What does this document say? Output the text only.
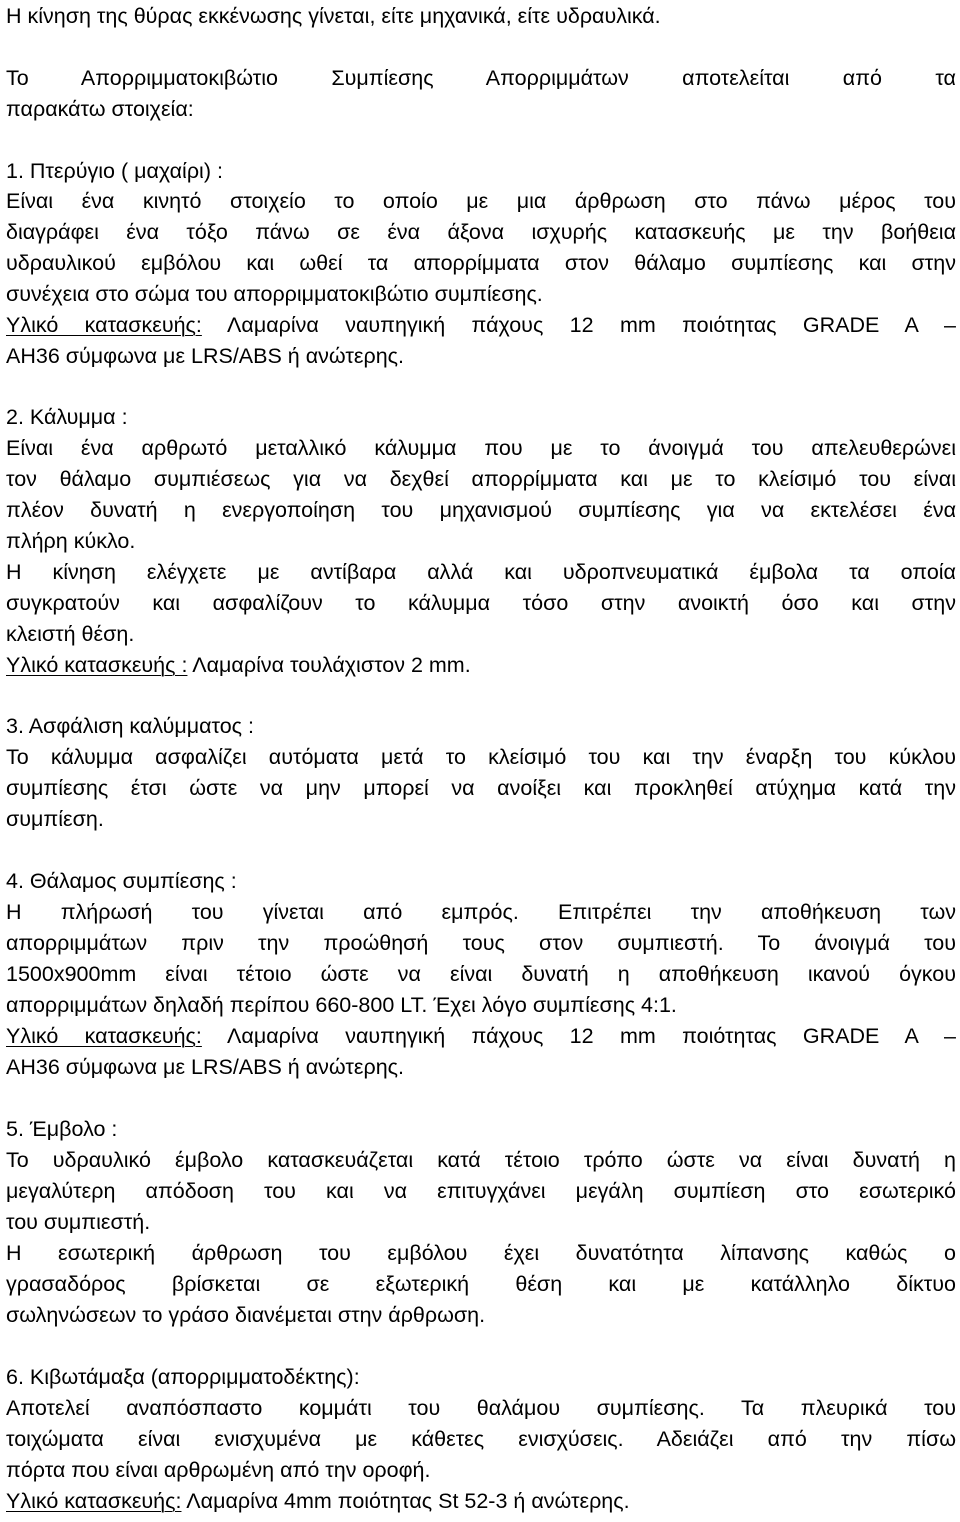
Η κίνηση της θύρας εκκένωσης γίνεται, είτε μηχανικά, είτε υδραυλικά.
Το Απορριμματοκιβώτιο Συμπίεσης Απορριμμάτων αποτελείται από τα
παρακάτω στοιχεία:
1. Πτερύγιο ( μαχαίρι) :
Είναι ένα κινητό στοιχείο το οποίο με μια άρθρωση στο πάνω μέρος του
διαγράφει ένα τόξο πάνω σε ένα άξονα ισχυρής κατασκευής με την βοήθεια
υδραυλικού εμβόλου και ωθεί τα απορρίμματα στον θάλαμο συμπίεσης και στην
συνέχεια στο σώμα του απορριμματοκιβώτιο συμπίεσης.
Υλικό κατασκευής: Λαμαρίνα ναυπηγική πάχους 12 mm ποιότητας GRADE A –
AH36 σύμφωνα με LRS/ABS ή ανώτερης.
2. Κάλυμμα :
Είναι ένα αρθρωτό μεταλλικό κάλυμμα που με το άνοιγμά του απελευθερώνει
τον θάλαμο συμπιέσεως για να δεχθεί απορρίμματα και με το κλείσιμό του είναι
πλέον δυνατή η ενεργοποίηση του μηχανισμού συμπίεσης για να εκτελέσει ένα
πλήρη κύκλο.
Η κίνηση ελέγχετε με αντίβαρα αλλά και υδροπνευματικά έμβολα τα οποία
συγκρατούν και ασφαλίζουν το κάλυμμα τόσο στην ανοικτή όσο και στην
κλειστή θέση.
Υλικό κατασκευής : Λαμαρίνα τουλάχιστον 2 mm.
3. Ασφάλιση καλύμματος :
Το κάλυμμα ασφαλίζει αυτόματα μετά το κλείσιμό του και την έναρξη του κύκλου
συμπίεσης έτσι ώστε να μην μπορεί να ανοίξει και προκληθεί ατύχημα κατά την
συμπίεση.
4. Θάλαμος συμπίεσης :
Η πλήρωσή του γίνεται από εμπρός. Επιτρέπει την αποθήκευση των
απορριμμάτων πριν την προώθησή τους στον συμπιεστή. Το άνοιγμά του
1500x900mm είναι τέτοιο ώστε να είναι δυνατή η αποθήκευση ικανού όγκου
απορριμμάτων δηλαδή περίπου 660-800 LT. Έχει λόγο συμπίεσης 4:1.
Υλικό κατασκευής: Λαμαρίνα ναυπηγική πάχους 12 mm ποιότητας GRADE A –
AH36 σύμφωνα με LRS/ABS ή ανώτερης.
5. Έμβολο :
Το υδραυλικό έμβολο κατασκευάζεται κατά τέτοιο τρόπο ώστε να είναι δυνατή η
μεγαλύτερη απόδοση του και να επιτυγχάνει μεγάλη συμπίεση στο εσωτερικό
του συμπιεστή.
Η εσωτερική άρθρωση του εμβόλου έχει δυνατότητα λίπανσης καθώς ο
γρασαδόρος βρίσκεται σε εξωτερική θέση και με κατάλληλο δίκτυο
σωληνώσεων το γράσο διανέμεται στην άρθρωση.
6. Κιβωτάμαξα (απορριμματοδέκτης):
Αποτελεί αναπόσπαστο κομμάτι του θαλάμου συμπίεσης. Τα πλευρικά του
τοιχώματα είναι ενισχυμένα με κάθετες ενισχύσεις. Αδειάζει από την πίσω
πόρτα που είναι αρθρωμένη από την οροφή.
Υλικό κατασκευής: Λαμαρίνα 4mm ποιότητας St 52-3 ή ανώτερης.
